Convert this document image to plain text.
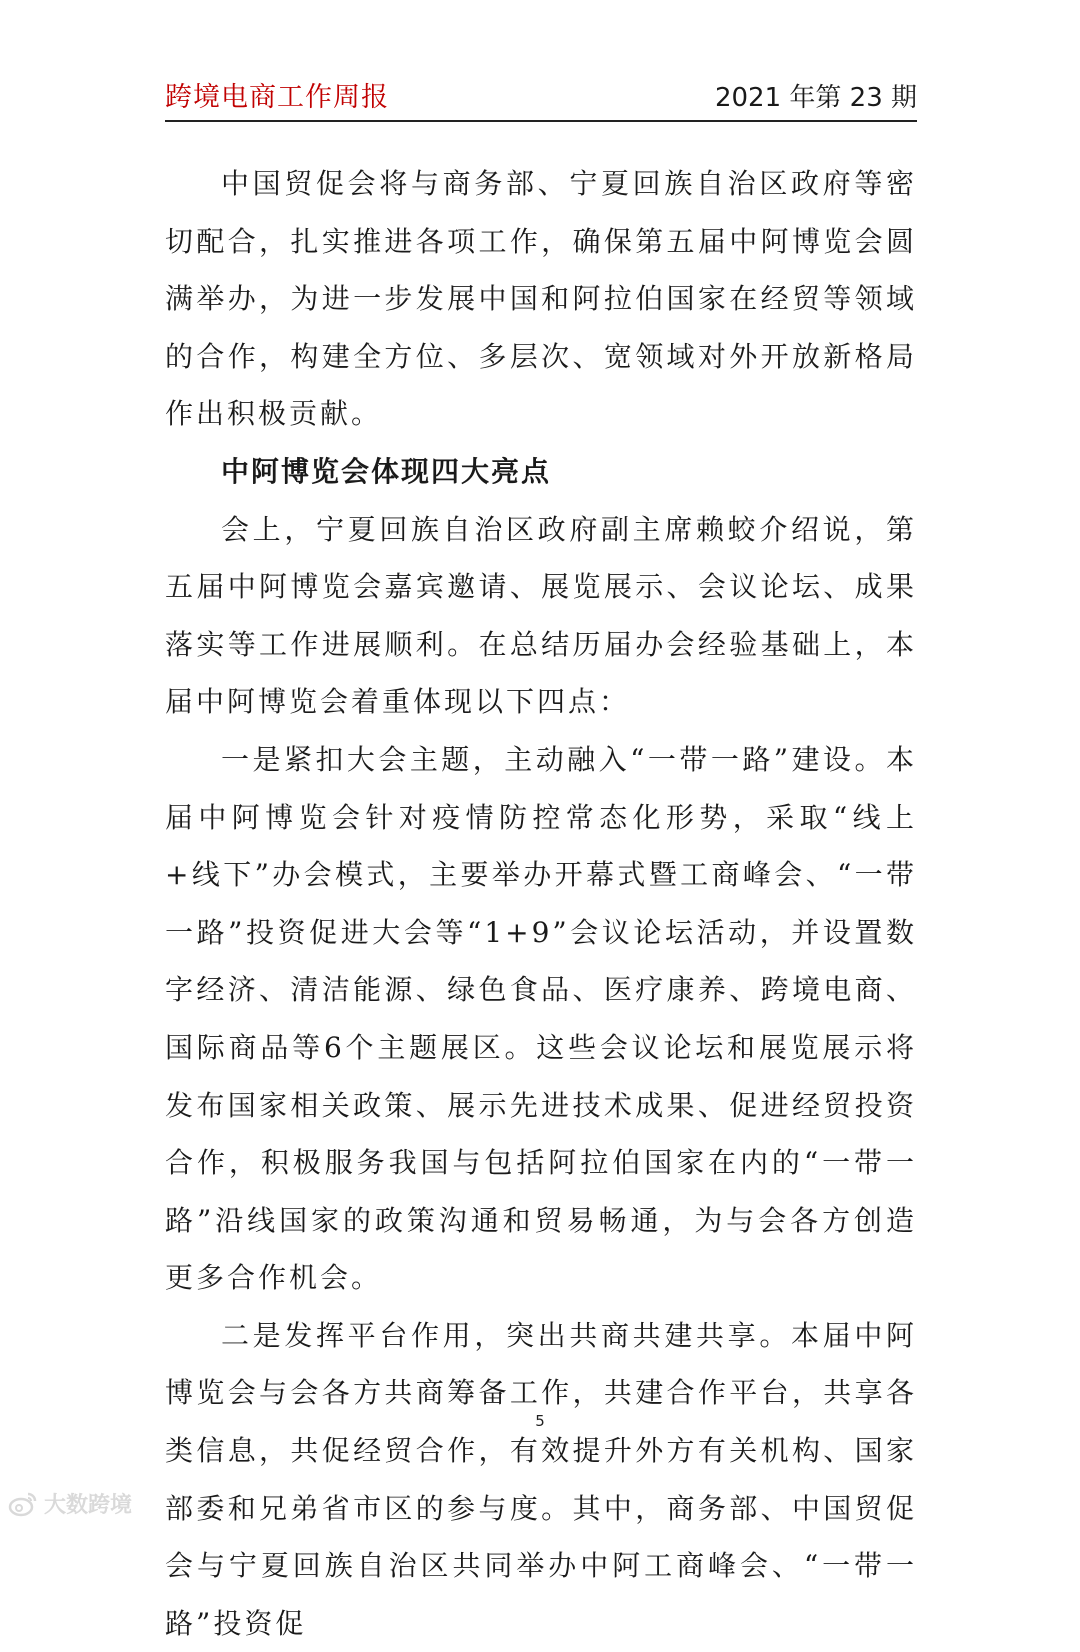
跨境电商工作周报	2021 年第 23 期

中国贸促会将与商务部、宁夏回族自治区政府等密切配合，扎实推进各项工作，确保第五届中阿博览会圆满举办，为进一步发展中国和阿拉伯国家在经贸等领域的合作，构建全方位、多层次、宽领域对外开放新格局作出积极贡献。

中阿博览会体现四大亮点

会上，宁夏回族自治区政府副主席赖蛟介绍说，第五届中阿博览会嘉宾邀请、展览展示、会议论坛、成果落实等工作进展顺利。在总结历届办会经验基础上，本届中阿博览会着重体现以下四点：

一是紧扣大会主题，主动融入“一带一路”建设。本届中阿博览会针对疫情防控常态化形势，采取“线上+线下”办会模式，主要举办开幕式暨工商峰会、“一带一路”投资促进大会等“1+9”会议论坛活动，并设置数字经济、清洁能源、绿色食品、医疗康养、跨境电商、国际商品等6个主题展区。这些会议论坛和展览展示将发布国家相关政策、展示先进技术成果、促进经贸投资合作，积极服务我国与包括阿拉伯国家在内的“一带一路”沿线国家的政策沟通和贸易畅通，为与会各方创造更多合作机会。

二是发挥平台作用，突出共商共建共享。本届中阿博览会与会各方共商筹备工作，共建合作平台，共享各类信息，共促经贸合作，有效提升外方有关机构、国家部委和兄弟省市区的参与度。其中，商务部、中国贸促会与宁夏回族自治区共同举办中阿工商峰会、“一带一路”投资促

5
大数跨境
